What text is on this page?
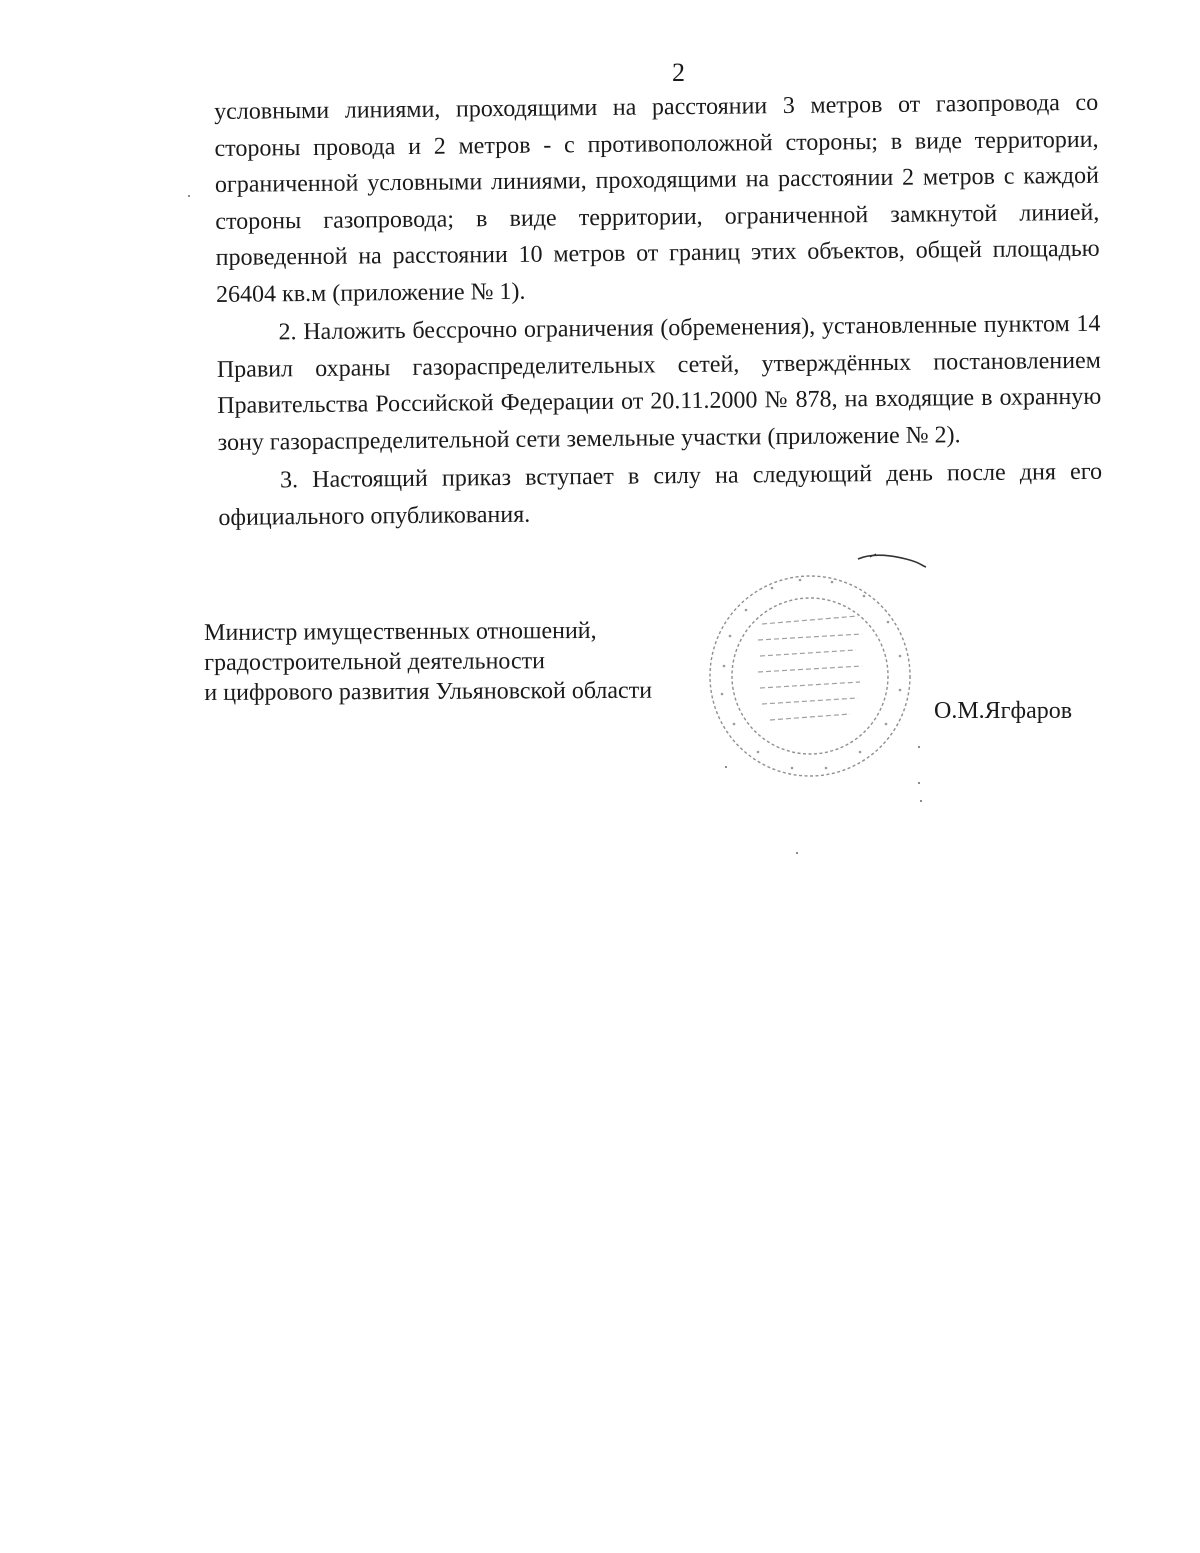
2

условными линиями, проходящими на расстоянии 3 метров от газопровода со стороны провода и 2 метров - с противоположной стороны; в виде территории, ограниченной условными линиями, проходящими на расстоянии 2 метров с каждой стороны газопровода; в виде территории, ограниченной замкнутой линией, проведенной на расстоянии 10 метров от границ этих объектов, общей площадью 26404 кв.м (приложение № 1).

2. Наложить бессрочно ограничения (обременения), установленные пунктом 14 Правил охраны газораспределительных сетей, утверждённых постановлением Правительства Российской Федерации от 20.11.2000 № 878, на входящие в охранную зону газораспределительной сети земельные участки (приложение № 2).

3. Настоящий приказ вступает в силу на следующий день после дня его официального опубликования.

Министр имущественных отношений,
градостроительной деятельности
и цифрового развития Ульяновской области
О.М.Ягфаров
